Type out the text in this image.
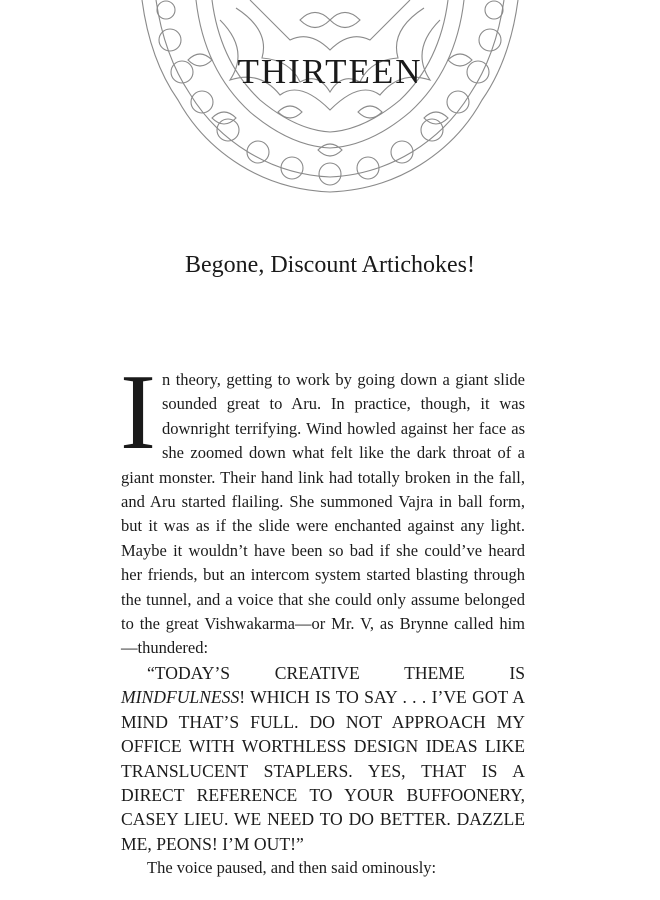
THIRTEEN
Begone, Discount Artichokes!

In theory, getting to work by going down a giant slide sounded great to Aru. In practice, though, it was downright terrifying. Wind howled against her face as she zoomed down what felt like the dark throat of a giant monster. Their hand link had totally broken in the fall, and Aru started flailing. She summoned Vajra in ball form, but it was as if the slide were enchanted against any light. Maybe it wouldn’t have been so bad if she could’ve heard her friends, but an intercom system started blasting through the tunnel, and a voice that she could only assume belonged to the great Vishwakarma—or Mr. V, as Brynne called him—thundered:

“TODAY’S CREATIVE THEME IS MINDFULNESS! WHICH IS TO SAY . . . I’VE GOT A MIND THAT’S FULL. DO NOT APPROACH MY OFFICE WITH WORTHLESS DESIGN IDEAS LIKE TRANSLUCENT STAPLERS. YES, THAT IS A DIRECT REFERENCE TO YOUR BUFFOONERY, CASEY LIEU. WE NEED TO DO BETTER. DAZZLE ME, PEONS! I’M OUT!”

The voice paused, and then said ominously:
